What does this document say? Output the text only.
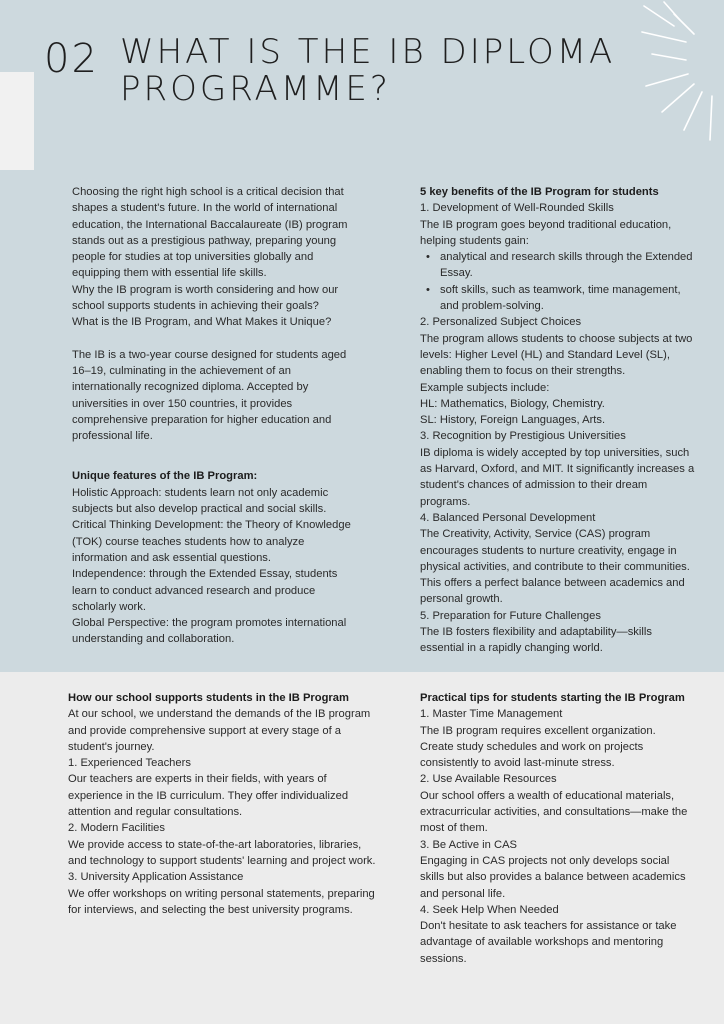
02 WHAT IS THE IB DIPLOMA PROGRAMME?

Choosing the right high school is a critical decision that shapes a student's future. In the world of international education, the International Baccalaureate (IB) program stands out as a prestigious pathway, preparing young people for studies at top universities globally and equipping them with essential life skills.

Why the IB program is worth considering and how our school supports students in achieving their goals?

What is the IB Program, and What Makes it Unique?

The IB is a two-year course designed for students aged 16–19, culminating in the achievement of an internationally recognized diploma. Accepted by universities in over 150 countries, it provides comprehensive preparation for higher education and professional life.

Unique features of the IB Program:

Holistic Approach: students learn not only academic subjects but also develop practical and social skills.

Critical Thinking Development: the Theory of Knowledge (TOK) course teaches students how to analyze information and ask essential questions.

Independence: through the Extended Essay, students learn to conduct advanced research and produce scholarly work.

Global Perspective: the program promotes international understanding and collaboration.

5 key benefits of the IB Program for students

1. Development of Well-Rounded Skills

The IB program goes beyond traditional education, helping students gain:

• analytical and research skills through the Extended Essay.
• soft skills, such as teamwork, time management, and problem-solving.

2. Personalized Subject Choices

The program allows students to choose subjects at two levels: Higher Level (HL) and Standard Level (SL), enabling them to focus on their strengths.

Example subjects include:

HL: Mathematics, Biology, Chemistry.

SL: History, Foreign Languages, Arts.

3. Recognition by Prestigious Universities

IB diploma is widely accepted by top universities, such as Harvard, Oxford, and MIT. It significantly increases a student's chances of admission to their dream programs.

4. Balanced Personal Development

The Creativity, Activity, Service (CAS) program encourages students to nurture creativity, engage in physical activities, and contribute to their communities. This offers a perfect balance between academics and personal growth.

5. Preparation for Future Challenges

The IB fosters flexibility and adaptability—skills essential in a rapidly changing world.

How our school supports students in the IB Program

At our school, we understand the demands of the IB program and provide comprehensive support at every stage of a student's journey.

1. Experienced Teachers

Our teachers are experts in their fields, with years of experience in the IB curriculum. They offer individualized attention and regular consultations.

2. Modern Facilities

We provide access to state-of-the-art laboratories, libraries, and technology to support students' learning and project work.

3. University Application Assistance

We offer workshops on writing personal statements, preparing for interviews, and selecting the best university programs.

Practical tips for students starting the IB Program

1. Master Time Management

The IB program requires excellent organization. Create study schedules and work on projects consistently to avoid last-minute stress.

2. Use Available Resources

Our school offers a wealth of educational materials, extracurricular activities, and consultations—make the most of them.

3. Be Active in CAS

Engaging in CAS projects not only develops social skills but also provides a balance between academics and personal life.

4. Seek Help When Needed

Don't hesitate to ask teachers for assistance or take advantage of available workshops and mentoring sessions.
